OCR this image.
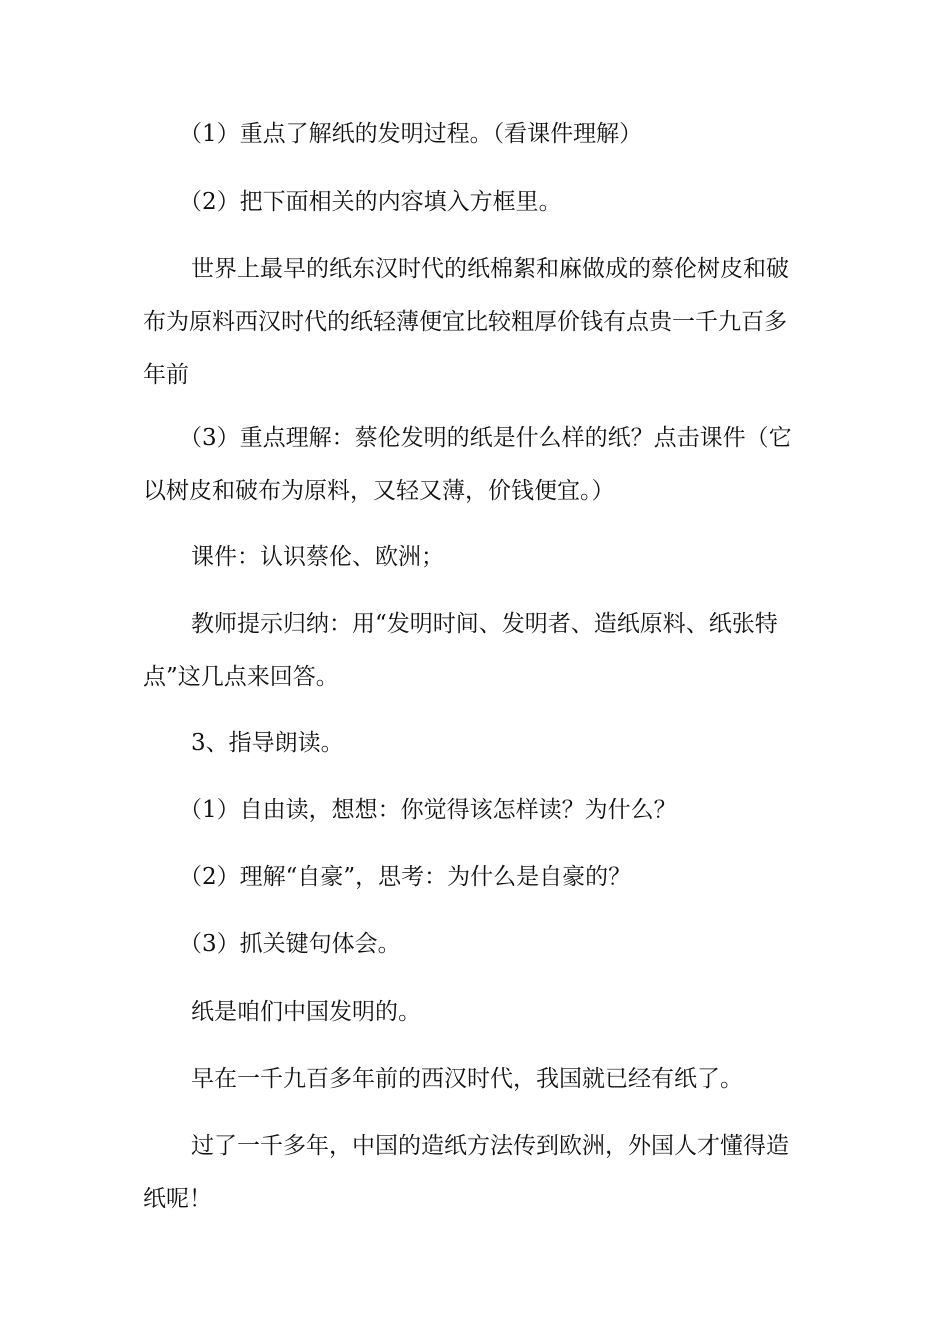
（1）重点了解纸的发明过程。（看课件理解）

（2）把下面相关的内容填入方框里。

世界上最早的纸东汉时代的纸棉絮和麻做成的蔡伦树皮和破布为原料西汉时代的纸轻薄便宜比较粗厚价钱有点贵一千九百多年前

（3）重点理解：蔡伦发明的纸是什么样的纸？点击课件（它以树皮和破布为原料，又轻又薄，价钱便宜。）

课件：认识蔡伦、欧洲；

教师提示归纳：用“发明时间、发明者、造纸原料、纸张特点”这几点来回答。

3、指导朗读。

（1）自由读，想想：你觉得该怎样读？为什么？

（2）理解“自豪”，思考：为什么是自豪的？

（3）抓关键句体会。

纸是咱们中国发明的。

早在一千九百多年前的西汉时代，我国就已经有纸了。

过了一千多年，中国的造纸方法传到欧洲，外国人才懂得造纸呢！
